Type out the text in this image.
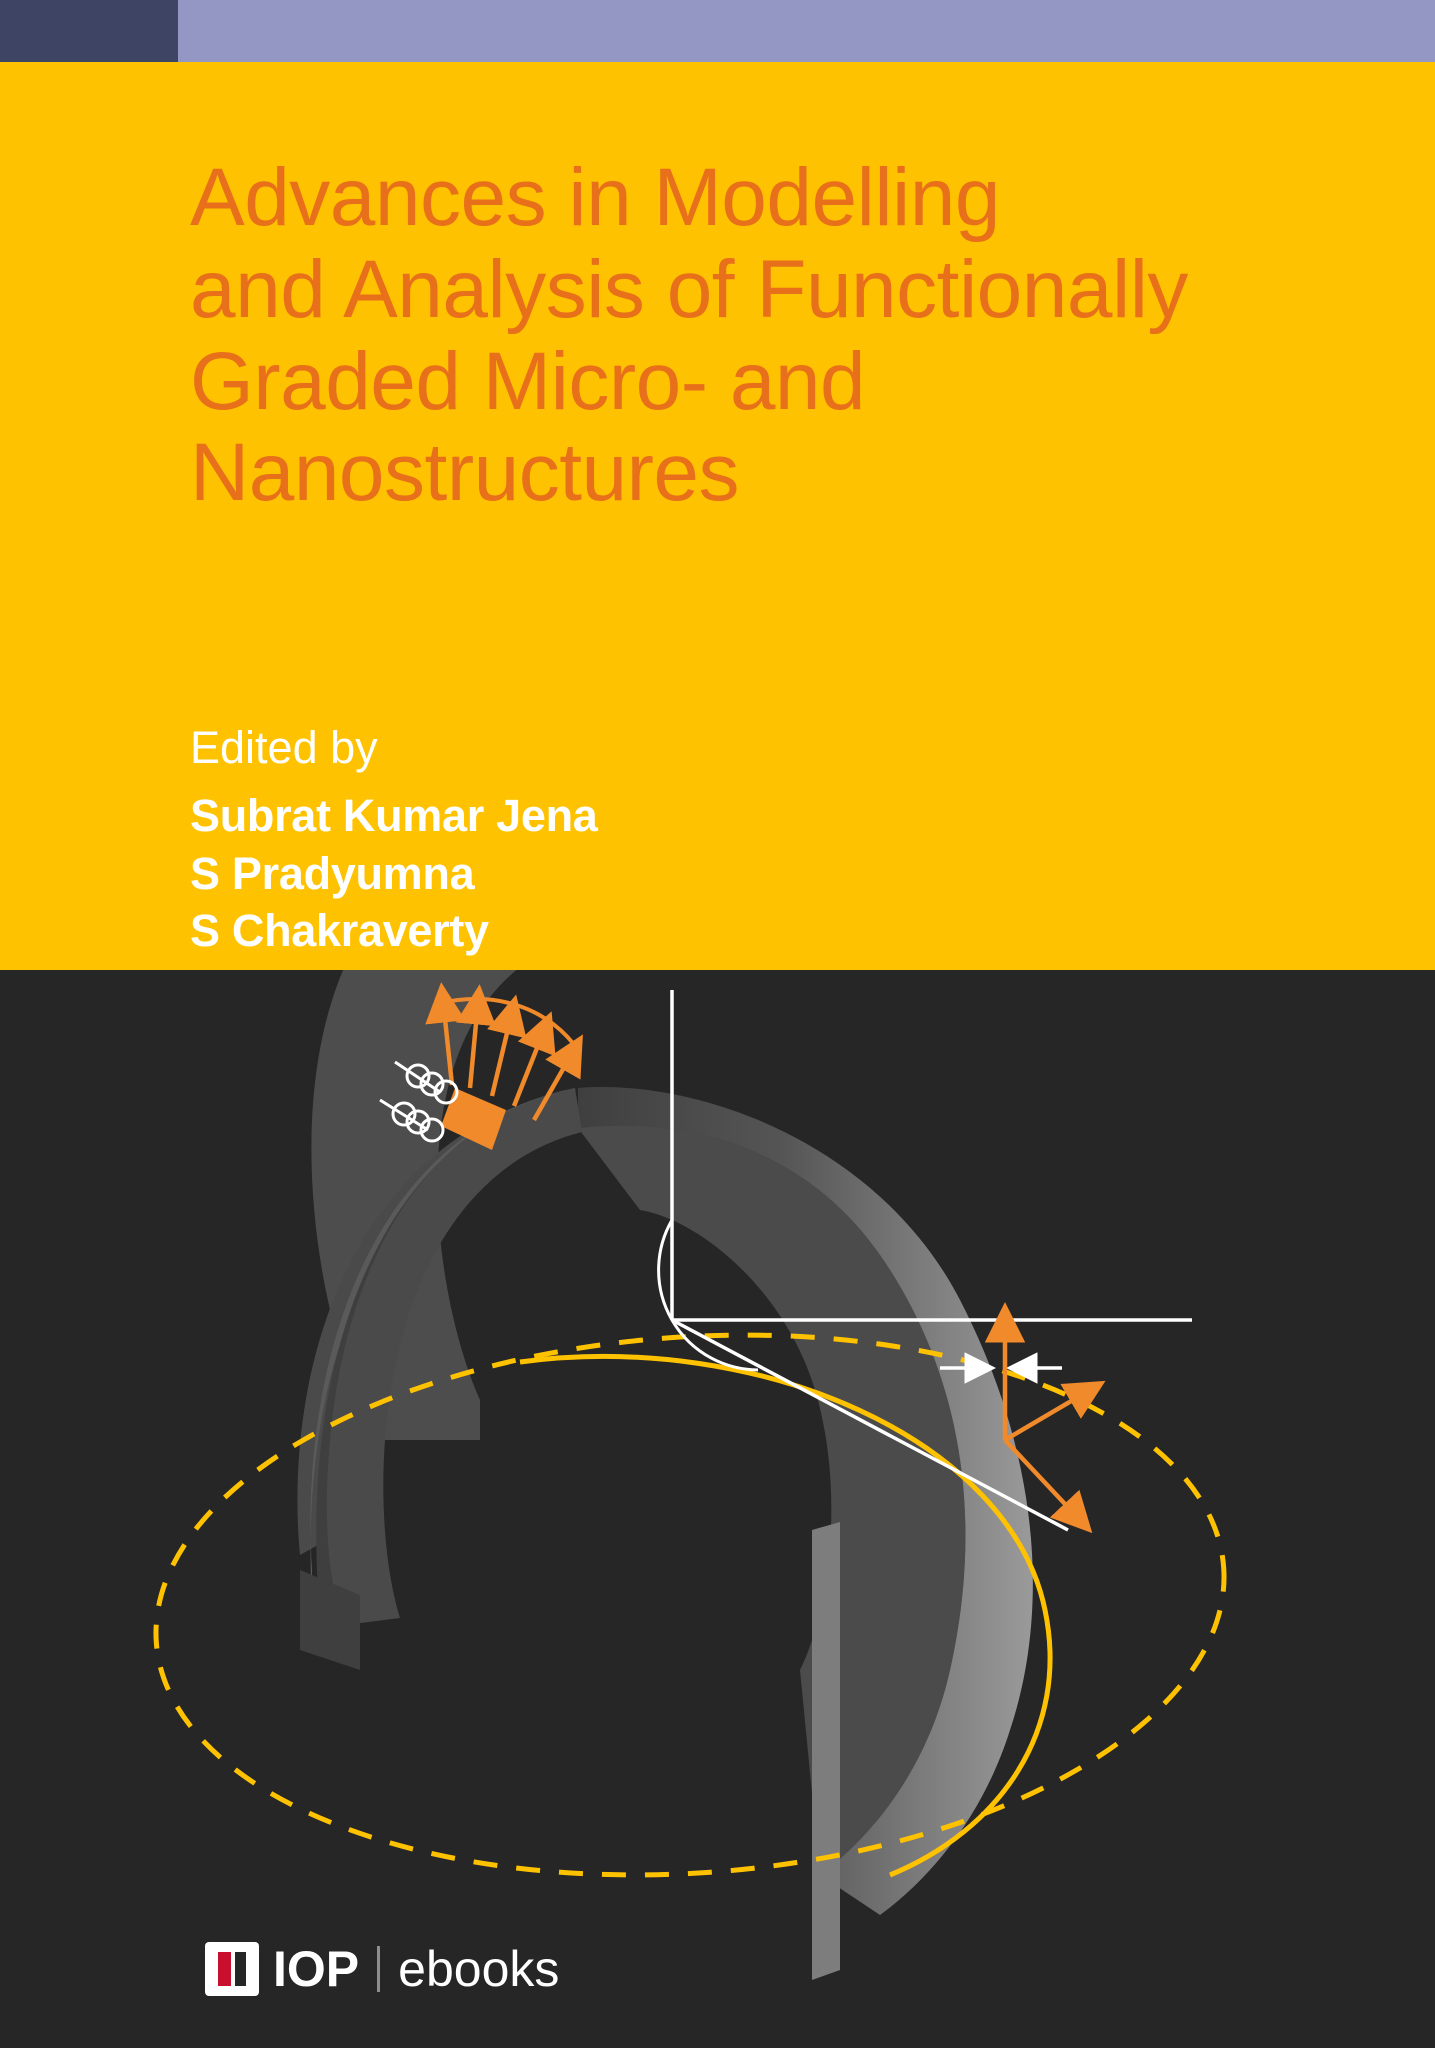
Advances in Modelling
and Analysis of Functionally
Graded Micro- and
Nanostructures
Edited by
Subrat Kumar Jena
S Pradyumna
S Chakraverty
IOP ebooks
